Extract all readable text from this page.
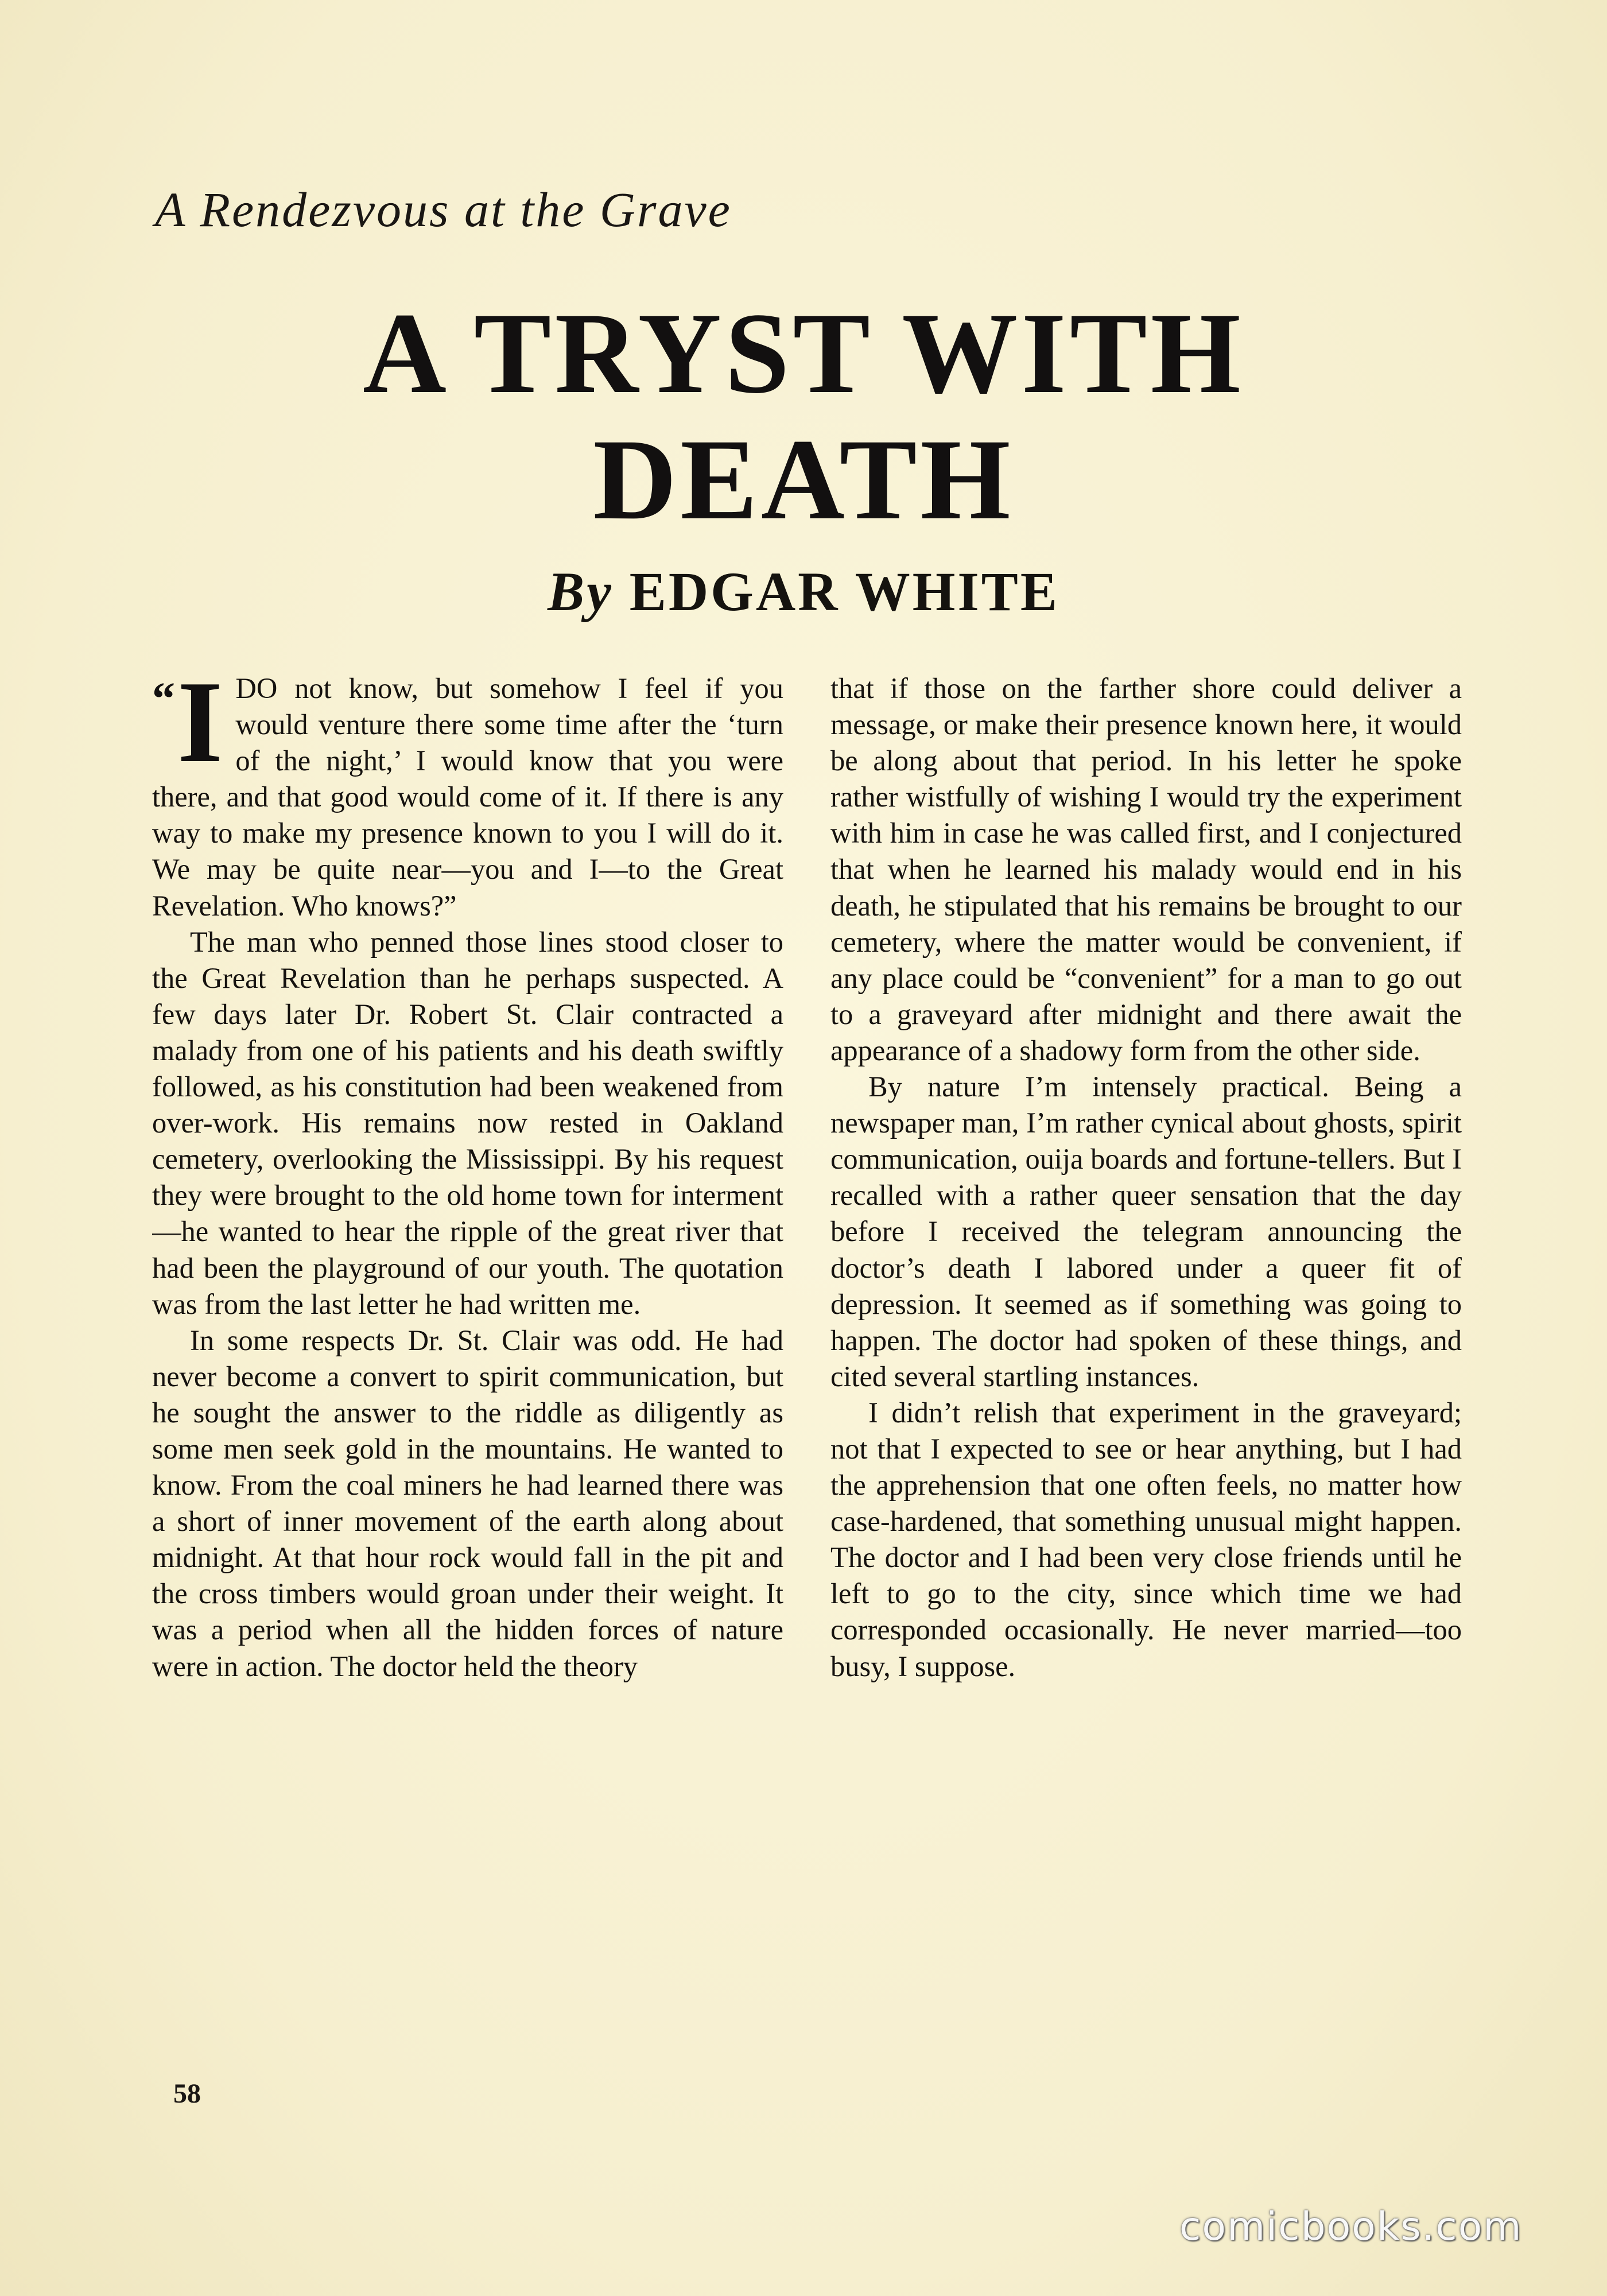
A Rendezvous at the Grave
A TRYST WITH DEATH
By EDGAR WHITE

“I DO not know, but somehow I feel if you would venture there some time after the ‘turn of the night,’ I would know that you were there, and that good would come of it. If there is any way to make my presence known to you I will do it. We may be quite near—you and I—to the Great Revelation. Who knows?”

The man who penned those lines stood closer to the Great Revelation than he perhaps suspected. A few days later Dr. Robert St. Clair contracted a malady from one of his patients and his death swiftly followed, as his constitution had been weakened from over-work. His remains now rested in Oakland cemetery, overlooking the Mississippi. By his request they were brought to the old home town for interment—he wanted to hear the ripple of the great river that had been the playground of our youth. The quotation was from the last letter he had written me.

In some respects Dr. St. Clair was odd. He had never become a convert to spirit communication, but he sought the answer to the riddle as diligently as some men seek gold in the mountains. He wanted to know. From the coal miners he had learned there was a short of inner movement of the earth along about midnight. At that hour rock would fall in the pit and the cross timbers would groan under their weight. It was a period when all the hidden forces of nature were in action. The doctor held the theory

that if those on the farther shore could deliver a message, or make their presence known here, it would be along about that period. In his letter he spoke rather wistfully of wishing I would try the experiment with him in case he was called first, and I conjectured that when he learned his malady would end in his death, he stipulated that his remains be brought to our cemetery, where the matter would be convenient, if any place could be “convenient” for a man to go out to a graveyard after midnight and there await the appearance of a shadowy form from the other side.

By nature I’m intensely practical. Being a newspaper man, I’m rather cynical about ghosts, spirit communication, ouija boards and fortune-tellers. But I recalled with a rather queer sensation that the day before I received the telegram announcing the doctor’s death I labored under a queer fit of depression. It seemed as if something was going to happen. The doctor had spoken of these things, and cited several startling instances.

I didn’t relish that experiment in the graveyard; not that I expected to see or hear anything, but I had the apprehension that one often feels, no matter how case-hardened, that something unusual might happen. The doctor and I had been very close friends until he left to go to the city, since which time we had corresponded occasionally. He never married—too busy, I suppose.

58
comicbooks.com
